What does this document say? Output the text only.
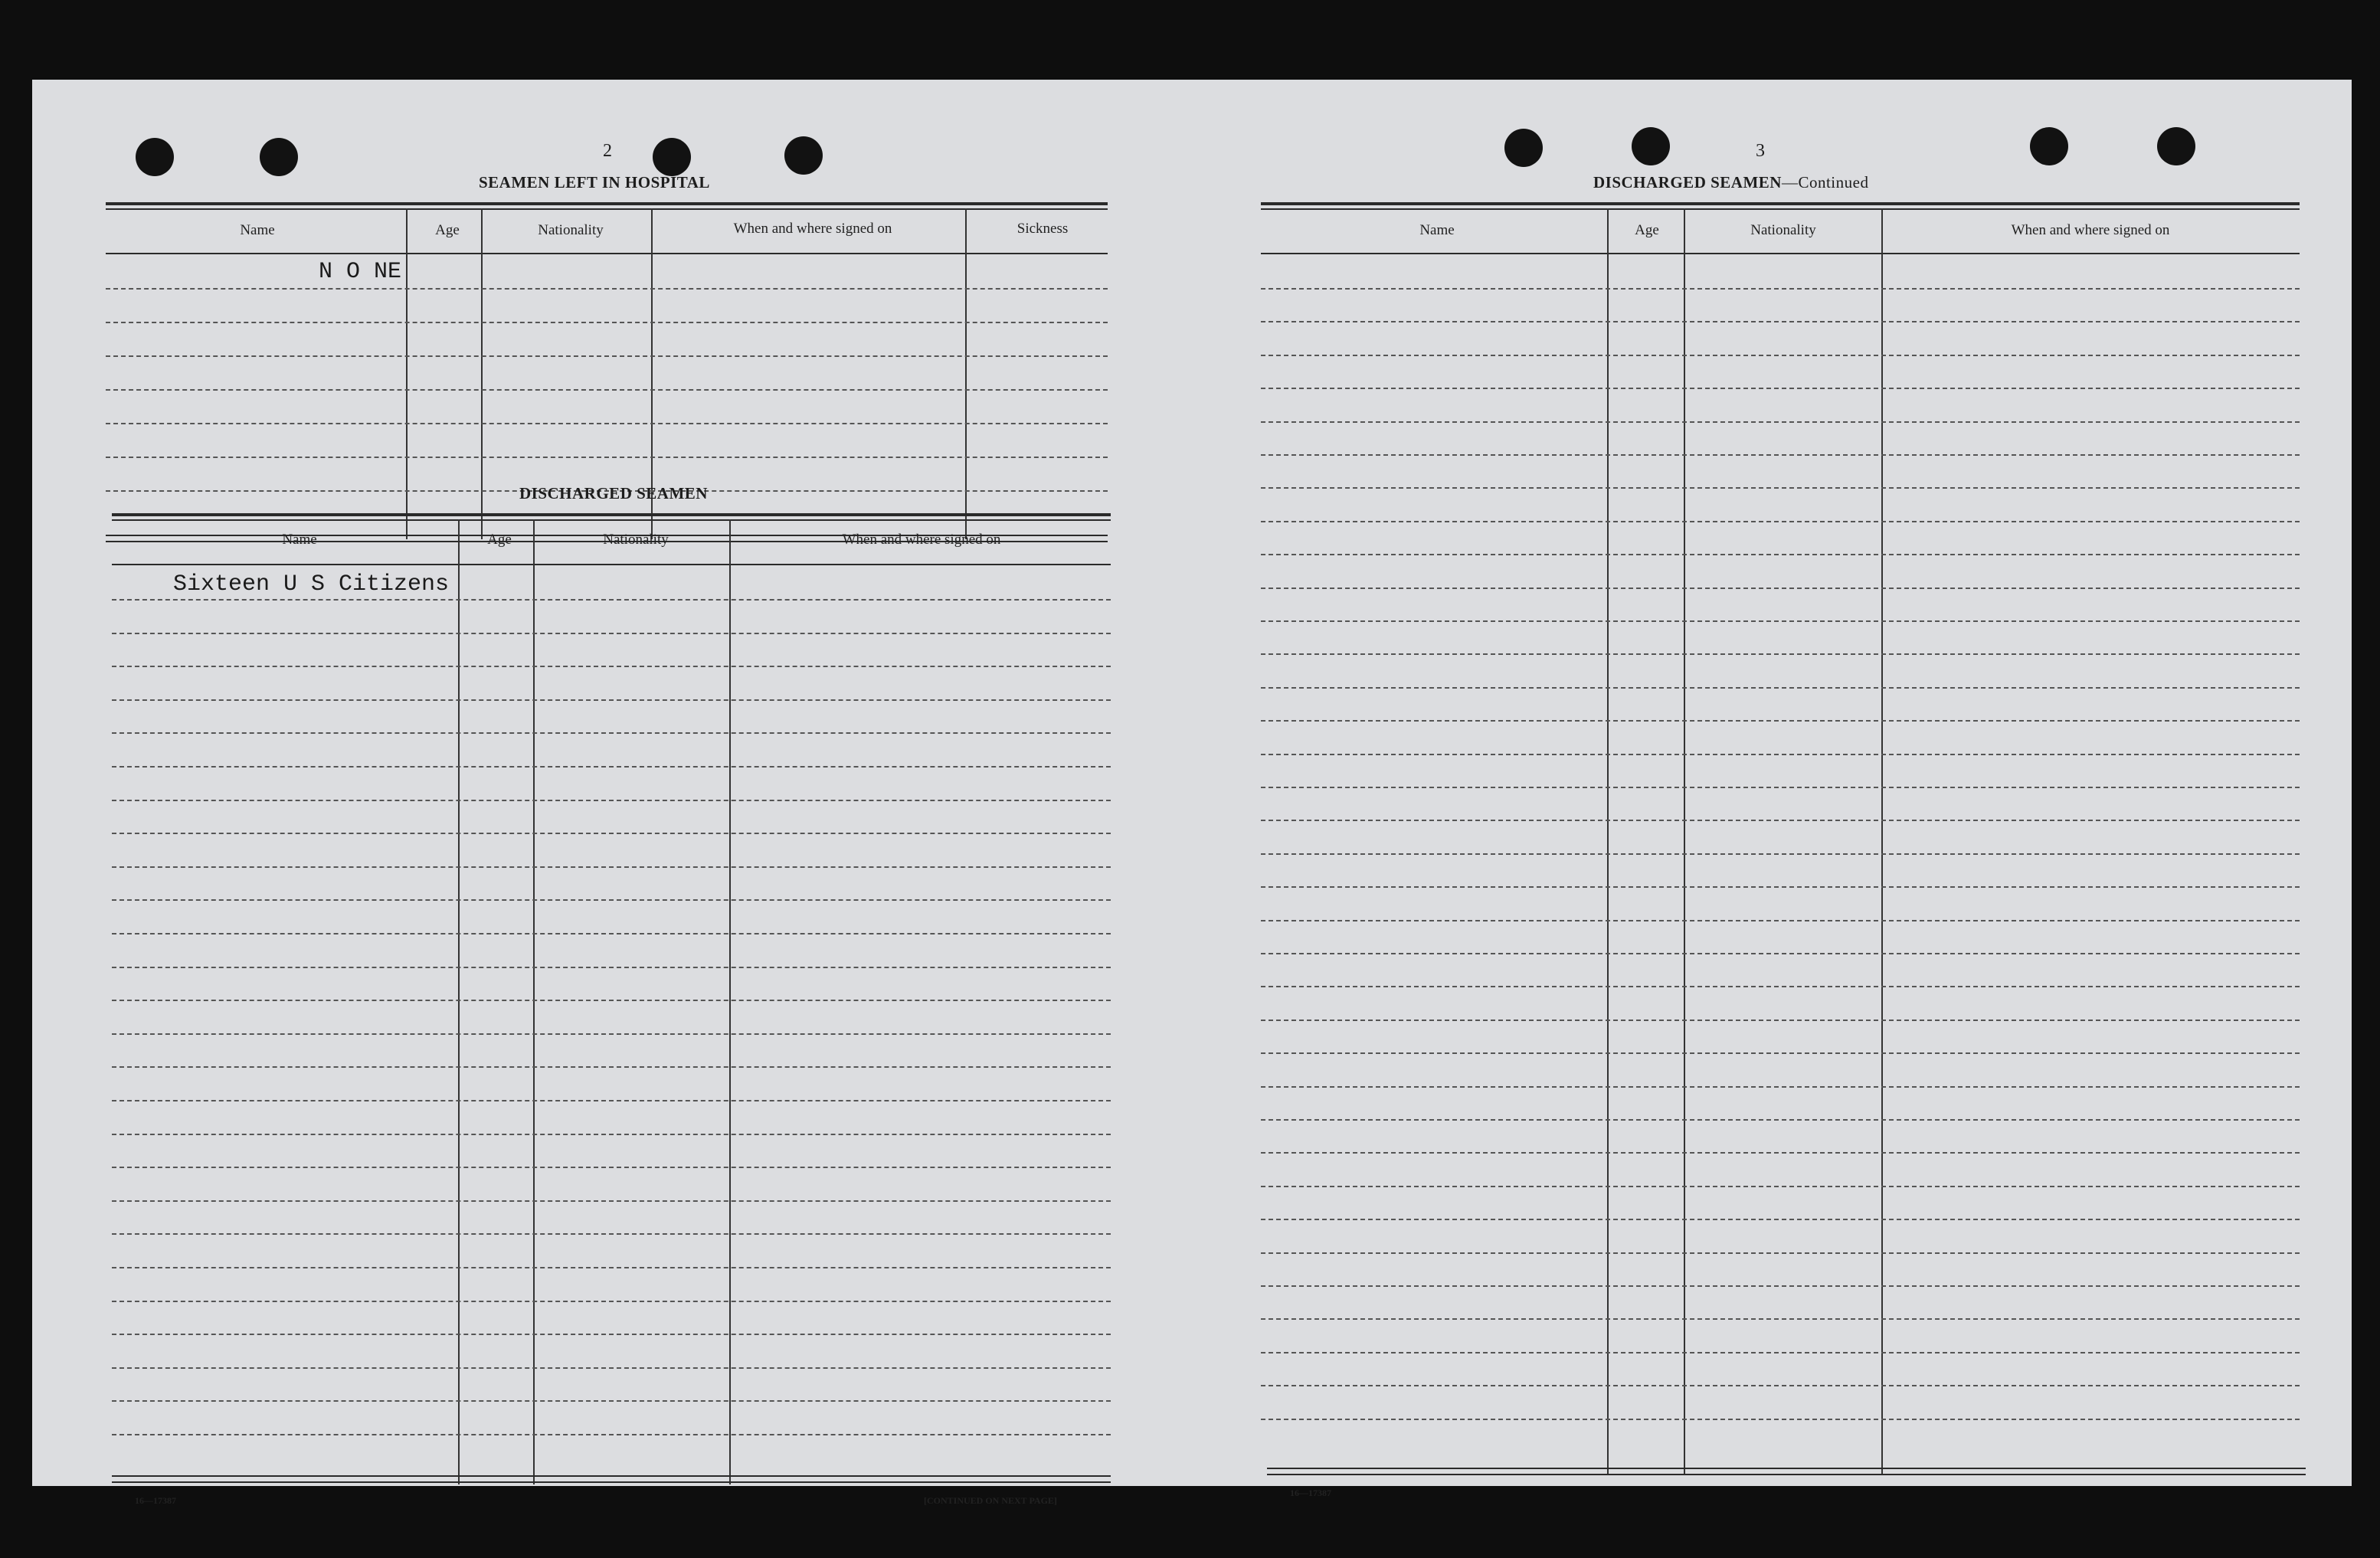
2
SEAMEN LEFT IN HOSPITAL
Name	Age	Nationality	When and where signed on	Sickness
N O NE
DISCHARGED SEAMEN
Name	Age	Nationality	When and where signed on
Sixteen U S Citizens
16—17387	[CONTINUED ON NEXT PAGE]
3
DISCHARGED SEAMEN—Continued
Name	Age	Nationality	When and where signed on
16—17387
